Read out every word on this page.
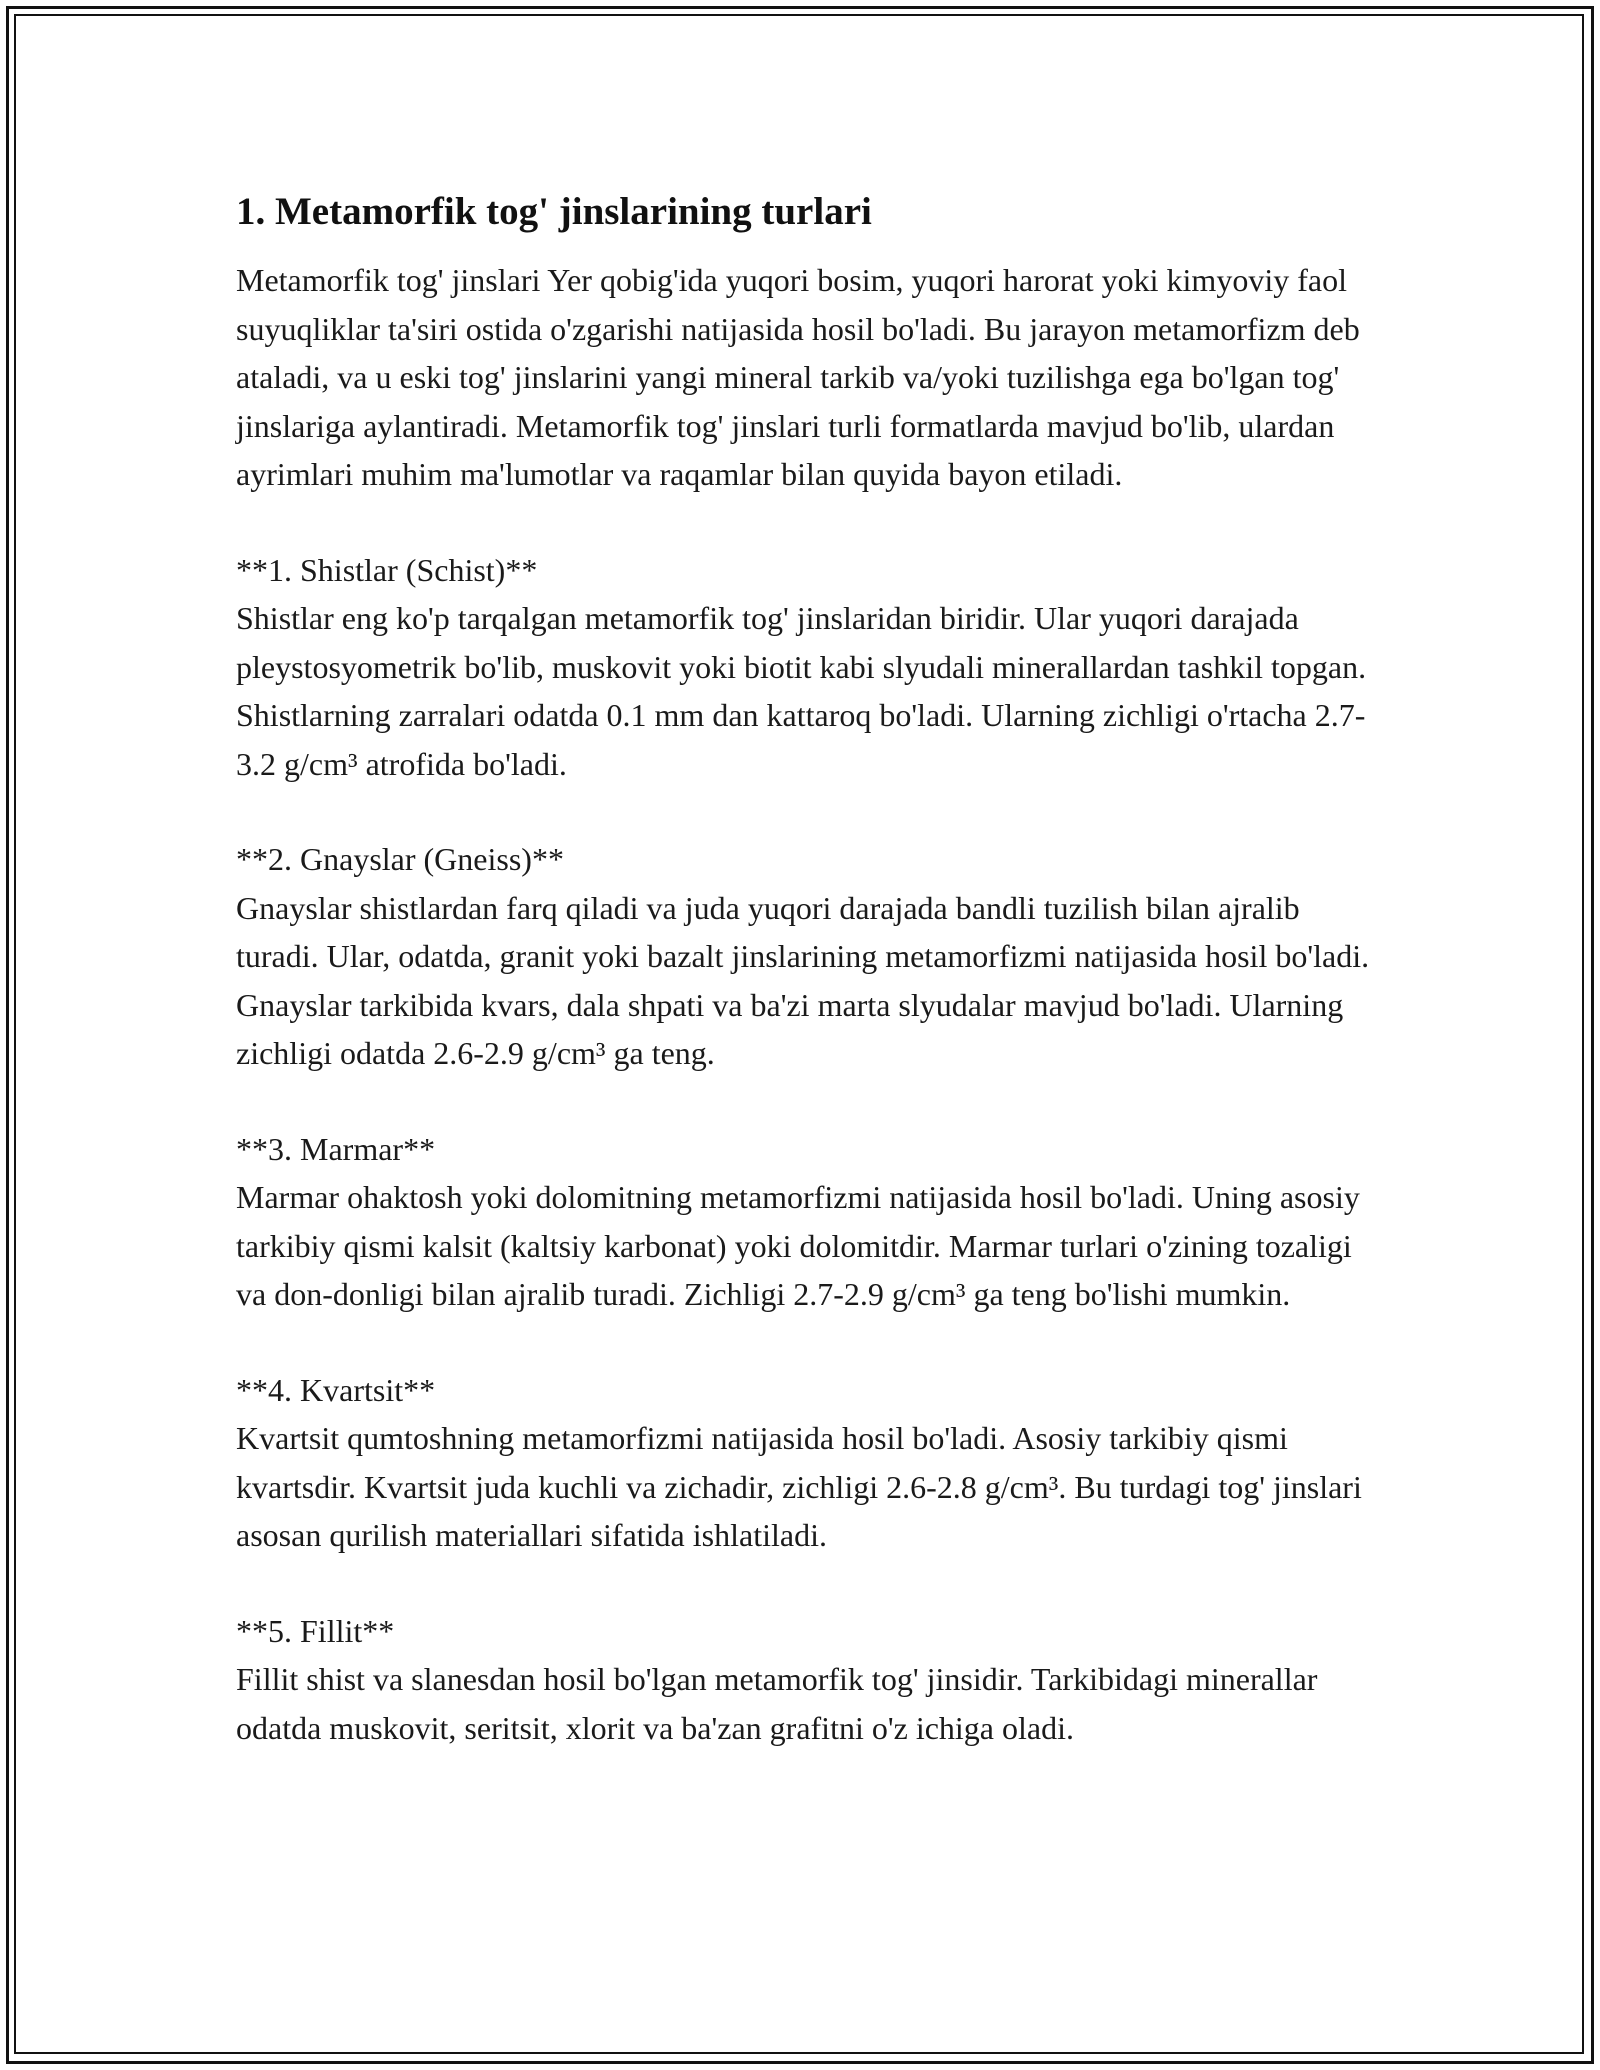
1. Metamorfik tog' jinslarining turlari

Metamorfik tog' jinslari Yer qobig'ida yuqori bosim, yuqori harorat yoki kimyoviy faol suyuqliklar ta'siri ostida o'zgarishi natijasida hosil bo'ladi. Bu jarayon metamorfizm deb ataladi, va u eski tog' jinslarini yangi mineral tarkib va/yoki tuzilishga ega bo'lgan tog' jinslariga aylantiradi. Metamorfik tog' jinslari turli formatlarda mavjud bo'lib, ulardan ayrimlari muhim ma'lumotlar va raqamlar bilan quyida bayon etiladi.

**1. Shistlar (Schist)**

Shistlar eng ko'p tarqalgan metamorfik tog' jinslaridan biridir. Ular yuqori darajada pleystosyometrik bo'lib, muskovit yoki biotit kabi slyudali minerallardan tashkil topgan. Shistlarning zarralari odatda 0.1 mm dan kattaroq bo'ladi. Ularning zichligi o'rtacha 2.7-3.2 g/cm³ atrofida bo'ladi.

**2. Gnayslar (Gneiss)**

Gnayslar shistlardan farq qiladi va juda yuqori darajada bandli tuzilish bilan ajralib turadi. Ular, odatda, granit yoki bazalt jinslarining metamorfizmi natijasida hosil bo'ladi. Gnayslar tarkibida kvars, dala shpati va ba'zi marta slyudalar mavjud bo'ladi. Ularning zichligi odatda 2.6-2.9 g/cm³ ga teng.

**3. Marmar**

Marmar ohaktosh yoki dolomitning metamorfizmi natijasida hosil bo'ladi. Uning asosiy tarkibiy qismi kalsit (kaltsiy karbonat) yoki dolomitdir. Marmar turlari o'zining tozaligi va don-donligi bilan ajralib turadi. Zichligi 2.7-2.9 g/cm³ ga teng bo'lishi mumkin.

**4. Kvartsit**

Kvartsit qumtoshning metamorfizmi natijasida hosil bo'ladi. Asosiy tarkibiy qismi kvartsdir. Kvartsit juda kuchli va zichadir, zichligi 2.6-2.8 g/cm³. Bu turdagi tog' jinslari asosan qurilish materiallari sifatida ishlatiladi.

**5. Fillit**

Fillit shist va slanesdan hosil bo'lgan metamorfik tog' jinsidir. Tarkibidagi minerallar odatda muskovit, seritsit, xlorit va ba'zan grafitni o'z ichiga oladi.
